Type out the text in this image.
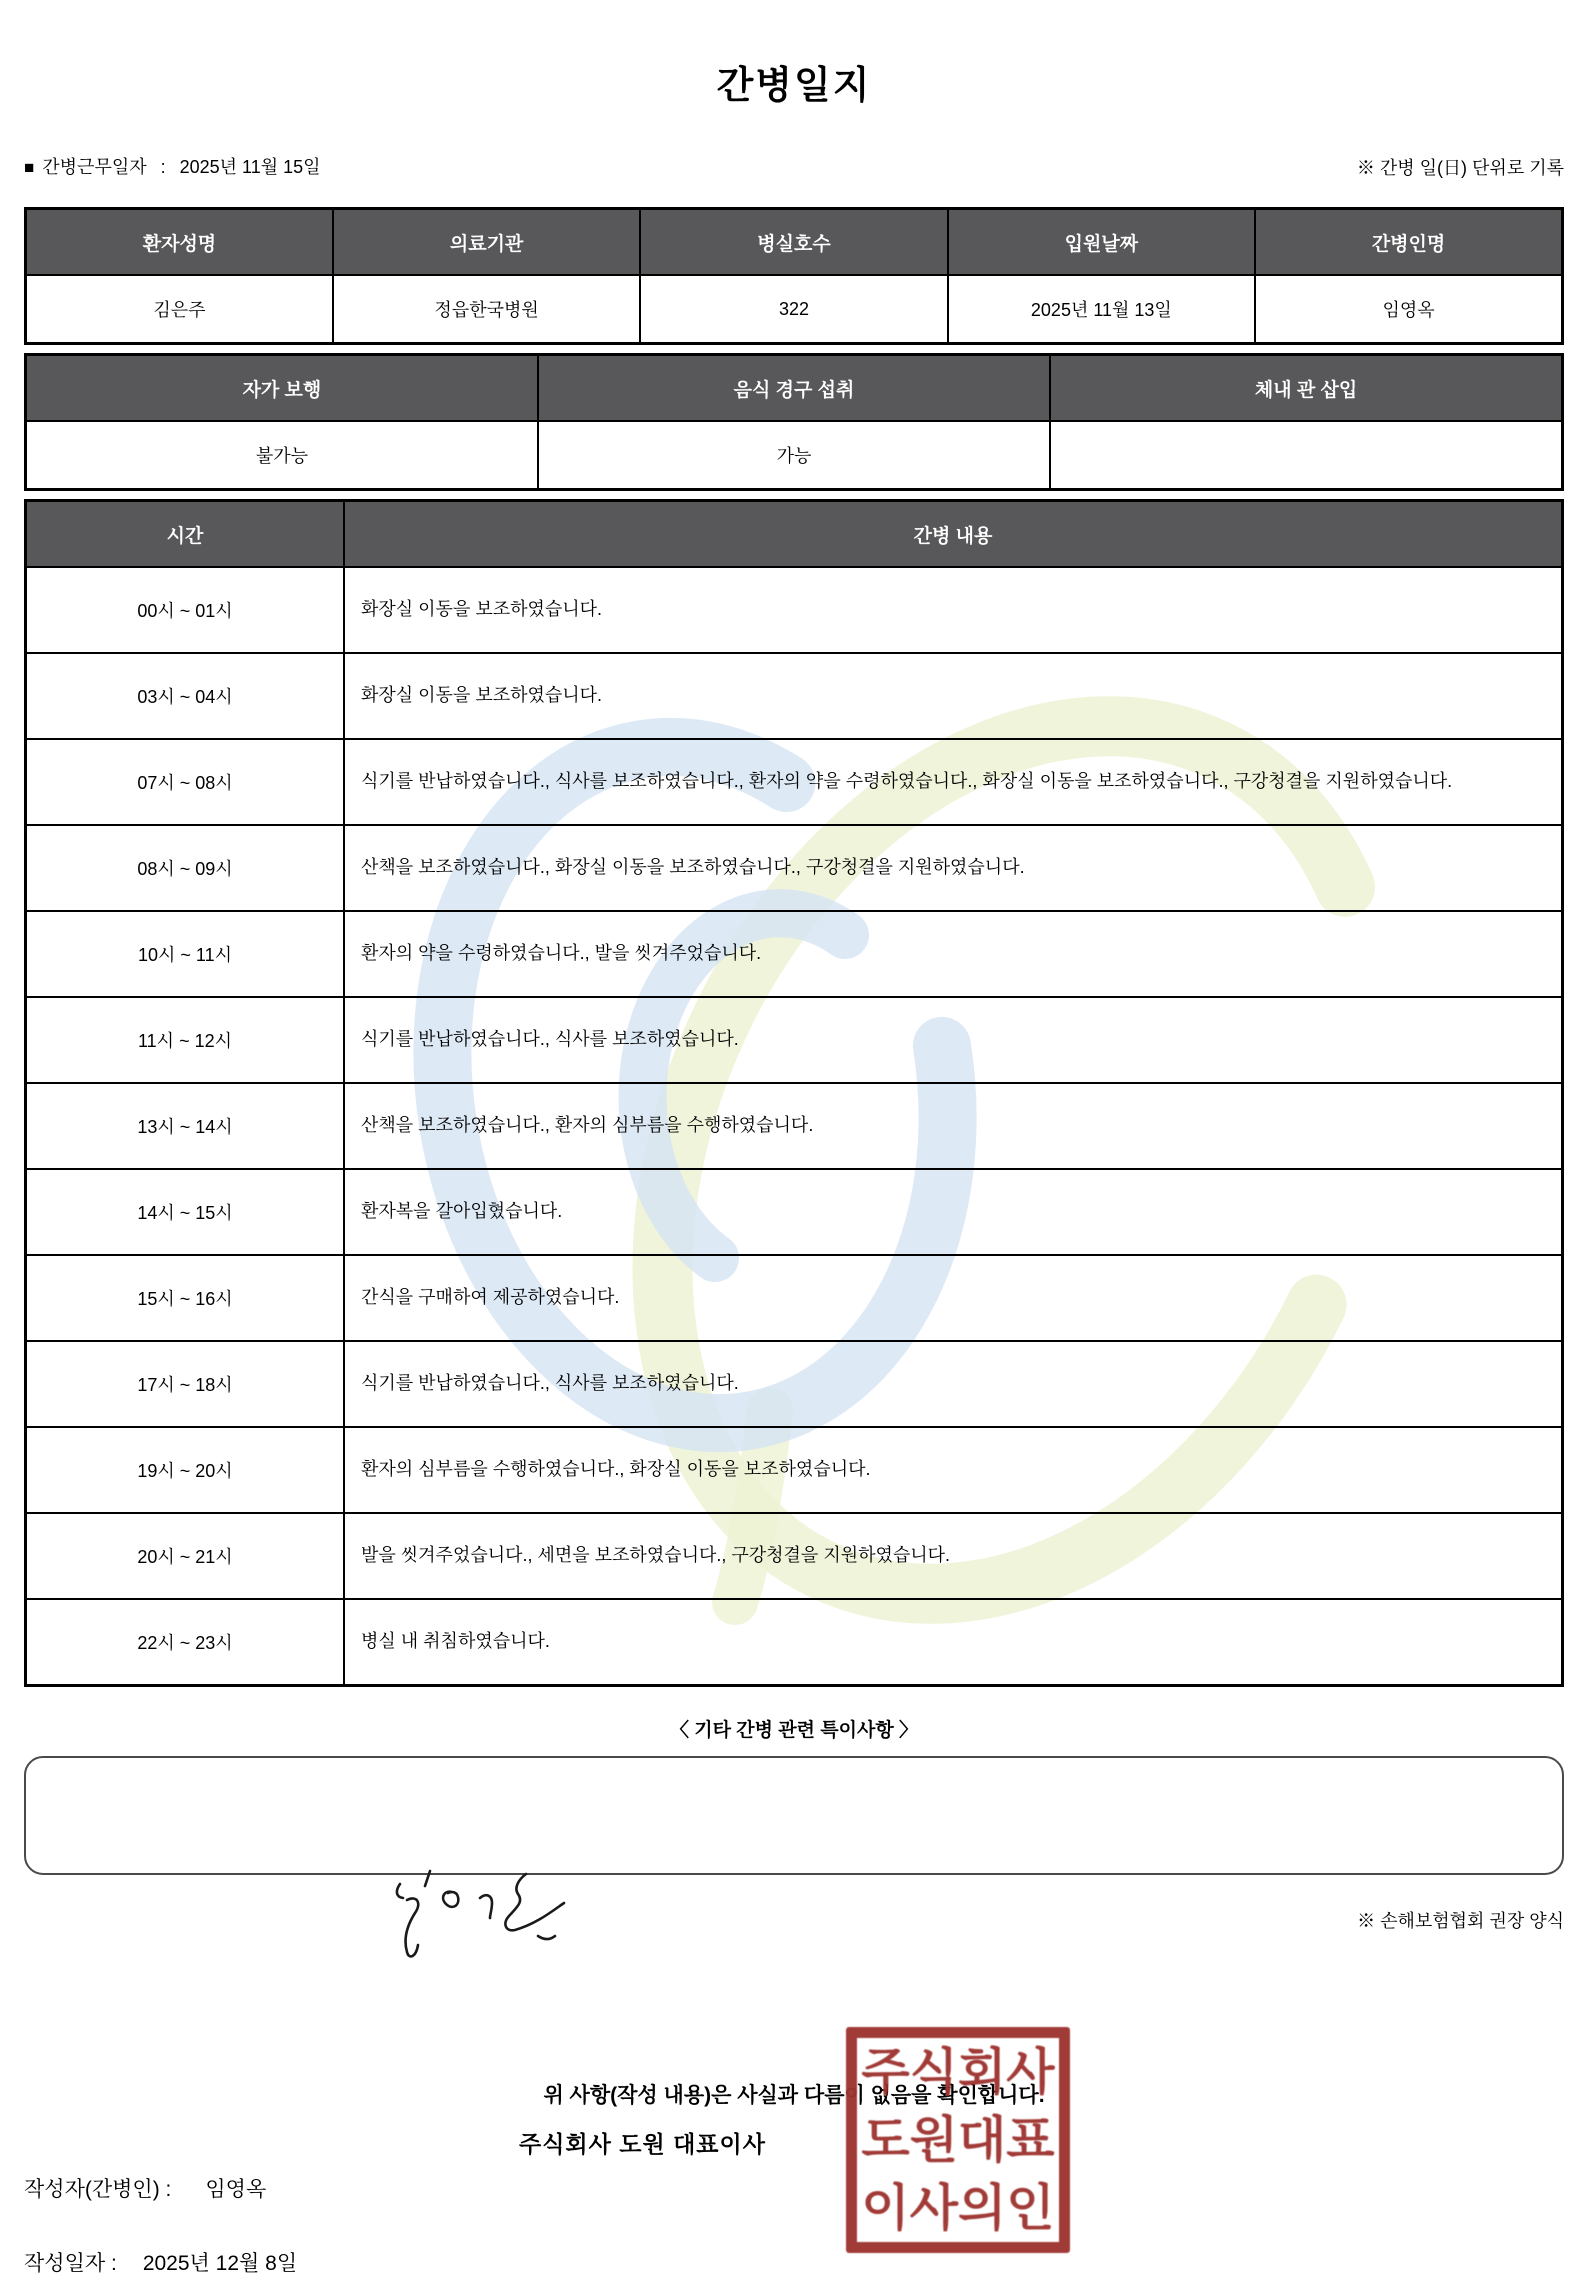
간병일지
■ 간병근무일자 : 2025년 11월 15일	※ 간병 일(日) 단위로 기록
환자성명	의료기관	병실호수	입원날짜	간병인명
김은주	정읍한국병원	322	2025년 11월 13일	임영옥
자가 보행	음식 경구 섭취	체내 관 삽입
불가능	가능	
시간	간병 내용
00시 ~ 01시	화장실 이동을 보조하였습니다.
03시 ~ 04시	화장실 이동을 보조하였습니다.
07시 ~ 08시	식기를 반납하였습니다., 식사를 보조하였습니다., 환자의 약을 수령하였습니다., 화장실 이동을 보조하였습니다., 구강청결을 지원하였습니다.
08시 ~ 09시	산책을 보조하였습니다., 화장실 이동을 보조하였습니다., 구강청결을 지원하였습니다.
10시 ~ 11시	환자의 약을 수령하였습니다., 발을 씻겨주었습니다.
11시 ~ 12시	식기를 반납하였습니다., 식사를 보조하였습니다.
13시 ~ 14시	산책을 보조하였습니다., 환자의 심부름을 수행하였습니다.
14시 ~ 15시	환자복을 갈아입혔습니다.
15시 ~ 16시	간식을 구매하여 제공하였습니다.
17시 ~ 18시	식기를 반납하였습니다., 식사를 보조하였습니다.
19시 ~ 20시	환자의 심부름을 수행하였습니다., 화장실 이동을 보조하였습니다.
20시 ~ 21시	발을 씻겨주었습니다., 세면을 보조하였습니다., 구강청결을 지원하였습니다.
22시 ~ 23시	병실 내 취침하였습니다.
〈 기타 간병 관련 특이사항 〉
※ 손해보험협회 권장 양식
위 사항(작성 내용)은 사실과 다름이 없음을 확인합니다.
작성자(간병인) : 임영옥
작성일자 : 2025년 12월 8일
주식회사 도원 대표이사
주식회사
도원대표
이사의인
